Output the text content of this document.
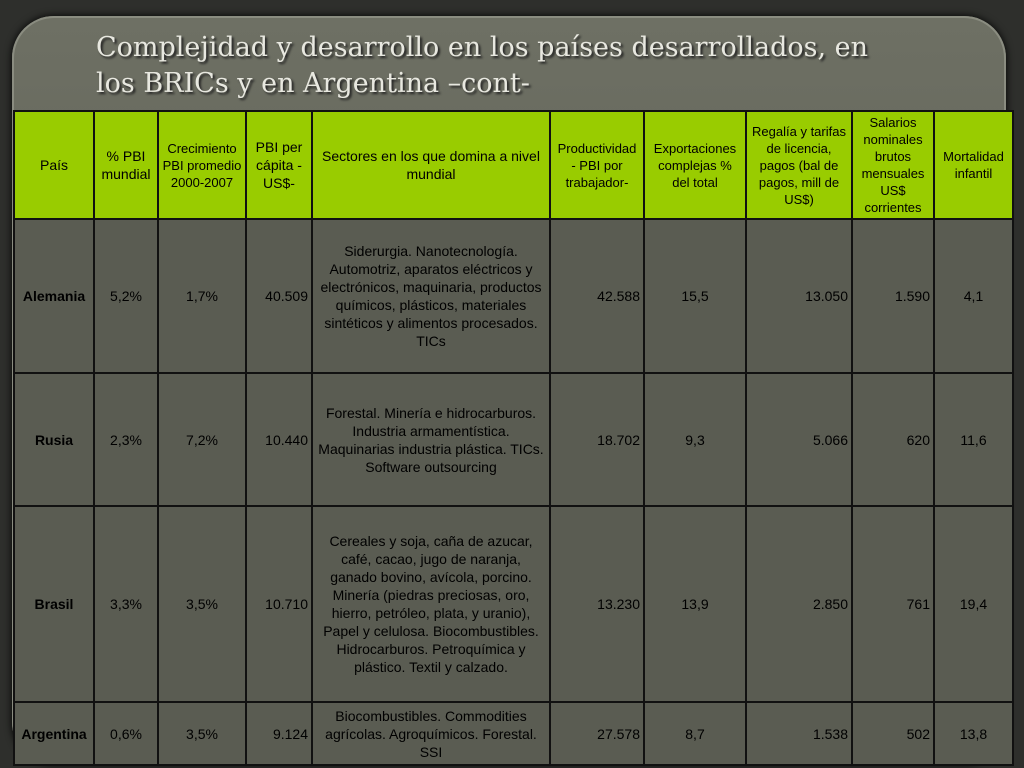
Complejidad y desarrollo en los países desarrollados, en
los BRICs y en Argentina –cont-
País	% PBI mundial	Crecimiento PBI promedio 2000-2007	PBI per cápita - US$-	Sectores en los que domina a nivel mundial	Productividad - PBI por trabajador-	Exportaciones complejas % del total	Regalía y tarifas de licencia, pagos (bal de pagos, mill de US$)	Salarios nominales brutos mensuales US$ corrientes	Mortalidad infantil
Alemania	5,2%	1,7%	40.509	Siderurgia. Nanotecnología. Automotriz, aparatos eléctricos y electrónicos, maquinaria, productos químicos, plásticos, materiales sintéticos y alimentos procesados. TICs	42.588	15,5	13.050	1.590	4,1
Rusia	2,3%	7,2%	10.440	Forestal. Minería e hidrocarburos. Industria armamentística. Maquinarias industria plástica. TICs. Software outsourcing	18.702	9,3	5.066	620	11,6
Brasil	3,3%	3,5%	10.710	Cereales y soja, caña de azucar, café, cacao, jugo de naranja, ganado bovino, avícola, porcino. Minería (piedras preciosas, oro, hierro, petróleo, plata, y uranio), Papel y celulosa. Biocombustibles. Hidrocarburos. Petroquímica y plástico. Textil y calzado.	13.230	13,9	2.850	761	19,4
Argentina	0,6%	3,5%	9.124	Biocombustibles. Commodities agrícolas. Agroquímicos. Forestal. SSI	27.578	8,7	1.538	502	13,8
